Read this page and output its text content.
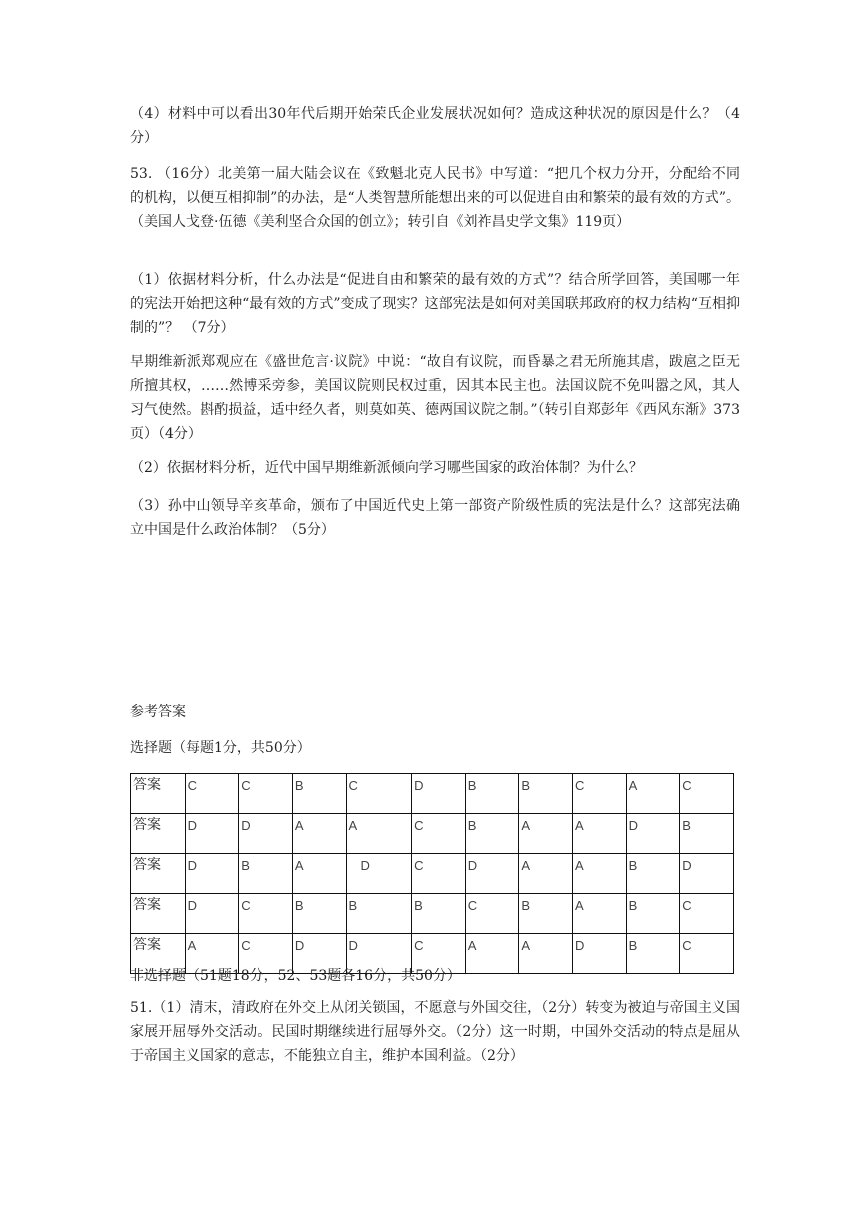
（4）材料中可以看出30年代后期开始荣氏企业发展状况如何？造成这种状况的原因是什么？（4分）

53. （16分）北美第一届大陆会议在《致魁北克人民书》中写道：“把几个权力分开，分配给不同的机构，以便互相抑制”的办法，是“人类智慧所能想出来的可以促进自由和繁荣的最有效的方式”。（美国人戈登·伍德《美利坚合众国的创立》；转引自《刘祚昌史学文集》119页）

（1）依据材料分析，什么办法是“促进自由和繁荣的最有效的方式”？结合所学回答，美国哪一年的宪法开始把这种“最有效的方式”变成了现实？这部宪法是如何对美国联邦政府的权力结构“互相抑制的”？ （7分）

早期维新派郑观应在《盛世危言·议院》中说：“故自有议院，而昏暴之君无所施其虐，跋扈之臣无所擅其权，……然博采旁参，美国议院则民权过重，因其本民主也。法国议院不免叫嚣之风，其人习气使然。斟酌损益，适中经久者，则莫如英、德两国议院之制。”（转引自郑彭年《西风东渐》373页）（4分）

（2）依据材料分析，近代中国早期维新派倾向学习哪些国家的政治体制？为什么？

（3）孙中山领导辛亥革命，颁布了中国近代史上第一部资产阶级性质的宪法是什么？这部宪法确立中国是什么政治体制？（5分）

参考答案

选择题（每题1分，共50分）

答案	C	C	B	C	D	B	B	C	A	C
答案	D	D	A	A	C	B	A	A	D	B
答案	D	B	A	D	C	D	A	A	B	D
答案	D	C	B	B	B	C	B	A	B	C
答案	A	C	D	D	C	A	A	D	B	C

非选择题（51题18分，52、53题各16分，共50分）

51.（1）清末，清政府在外交上从闭关锁国，不愿意与外国交往，（2分）转变为被迫与帝国主义国家展开屈辱外交活动。民国时期继续进行屈辱外交。（2分）这一时期，中国外交活动的特点是屈从于帝国主义国家的意志，不能独立自主，维护本国利益。（2分）
